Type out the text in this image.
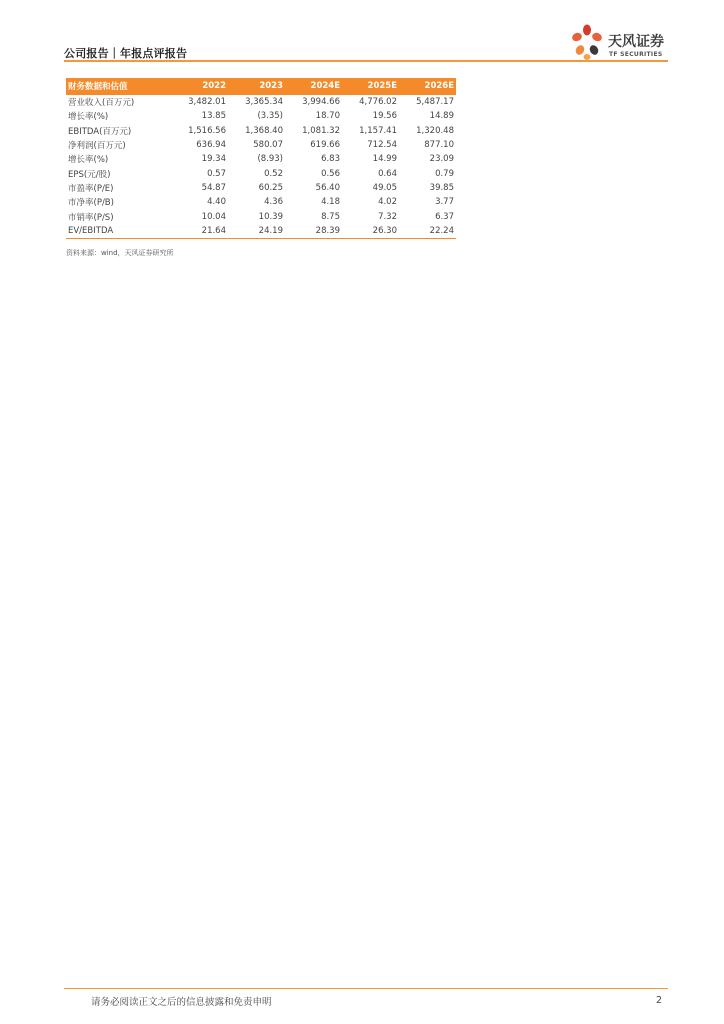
公司报告｜年报点评报告
天风证券
TF SECURITIES
财务数据和估值	2022	2023	2024E	2025E	2026E
营业收入(百万元)	3,482.01	3,365.34	3,994.66	4,776.02	5,487.17
增长率(%)	13.85	(3.35)	18.70	19.56	14.89
EBITDA(百万元)	1,516.56	1,368.40	1,081.32	1,157.41	1,320.48
净利润(百万元)	636.94	580.07	619.66	712.54	877.10
增长率(%)	19.34	(8.93)	6.83	14.99	23.09
EPS(元/股)	0.57	0.52	0.56	0.64	0.79
市盈率(P/E)	54.87	60.25	56.40	49.05	39.85
市净率(P/B)	4.40	4.36	4.18	4.02	3.77
市销率(P/S)	10.04	10.39	8.75	7.32	6.37
EV/EBITDA	21.64	24.19	28.39	26.30	22.24
资料来源：wind，天风证券研究所
请务必阅读正文之后的信息披露和免责申明	2
